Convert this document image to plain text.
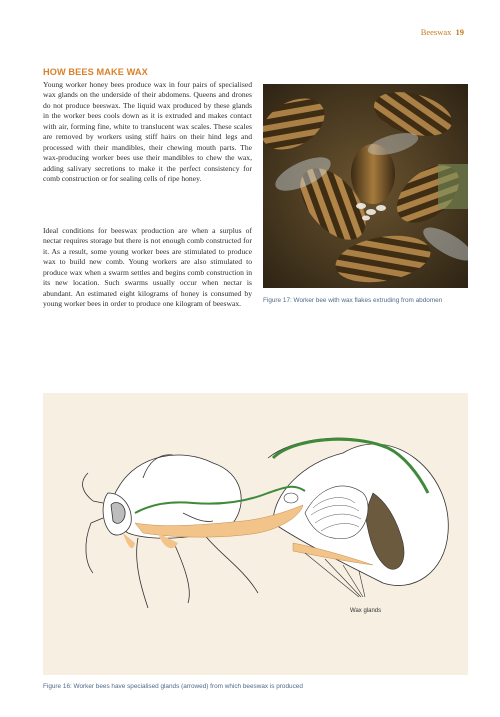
Beeswax 19
HOW BEES MAKE WAX

Young worker honey bees produce wax in four pairs of specialised wax glands on the underside of their abdomens. Queens and drones do not produce beeswax. The liquid wax produced by these glands in the worker bees cools down as it is extruded and makes contact with air, forming fine, white to translucent wax scales. These scales are removed by workers using stiff hairs on their hind legs and processed with their mandibles, their chewing mouth parts. The wax-producing worker bees use their mandibles to chew the wax, adding salivary secretions to make it the perfect consistency for comb construction or for sealing cells of ripe honey.

Ideal conditions for beeswax production are when a surplus of nectar requires storage but there is not enough comb constructed for it. As a result, some young worker bees are stimulated to produce wax to build new comb. Young workers are also stimulated to produce wax when a swarm settles and begins comb construction in its new location. Such swarms usually occur when nectar is abundant. An estimated eight kilograms of honey is consumed by young worker bees in order to produce one kilogram of beeswax.	Figure 17: Worker bee with wax flakes extruding from abdomen
Wax glands
Figure 16: Worker bees have specialised glands (arrowed) from which beeswax is produced
